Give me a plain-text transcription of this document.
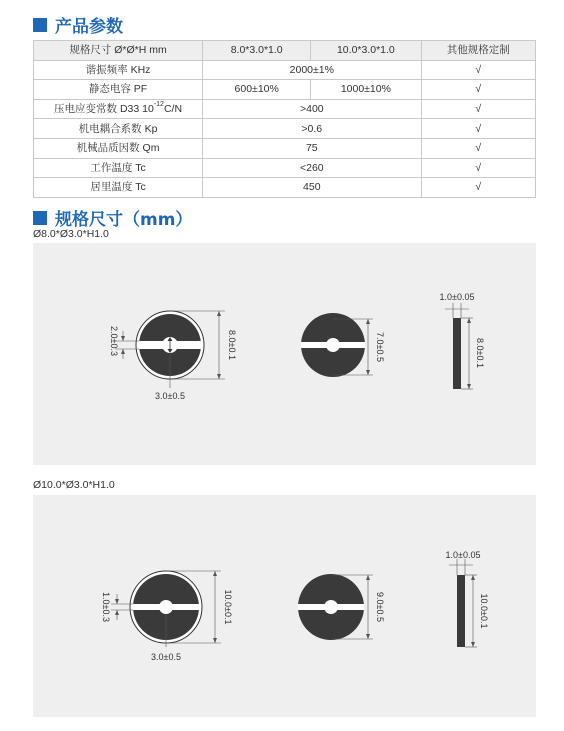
产品参数
规格尺寸 Ø*Ø*H mm	8.0*3.0*1.0	10.0*3.0*1.0	其他规格定制
谐振频率 KHz	2000±1%		√
静态电容 PF	600±10%	1000±10%	√
压电应变常数 D33 $10^{-12}C/N$	>400		√
机电耦合系数 Kp	>0.6		√
机械品质因数 Qm	75		√
工作温度 Tc	<260		√
居里温度 Tc	450		√
规格尺寸（mm）
Ø8.0*Ø3.0*H1.0
2.0±0.3	8.0±0.1
3.0±0.5
7.0±0.5
1.0±0.05
8.0±0.1
Ø10.0*Ø3.0*H1.0
1.0±0.3	10.0±0.1
3.0±0.5
9.0±0.5
1.0±0.05
10.0±0.1
